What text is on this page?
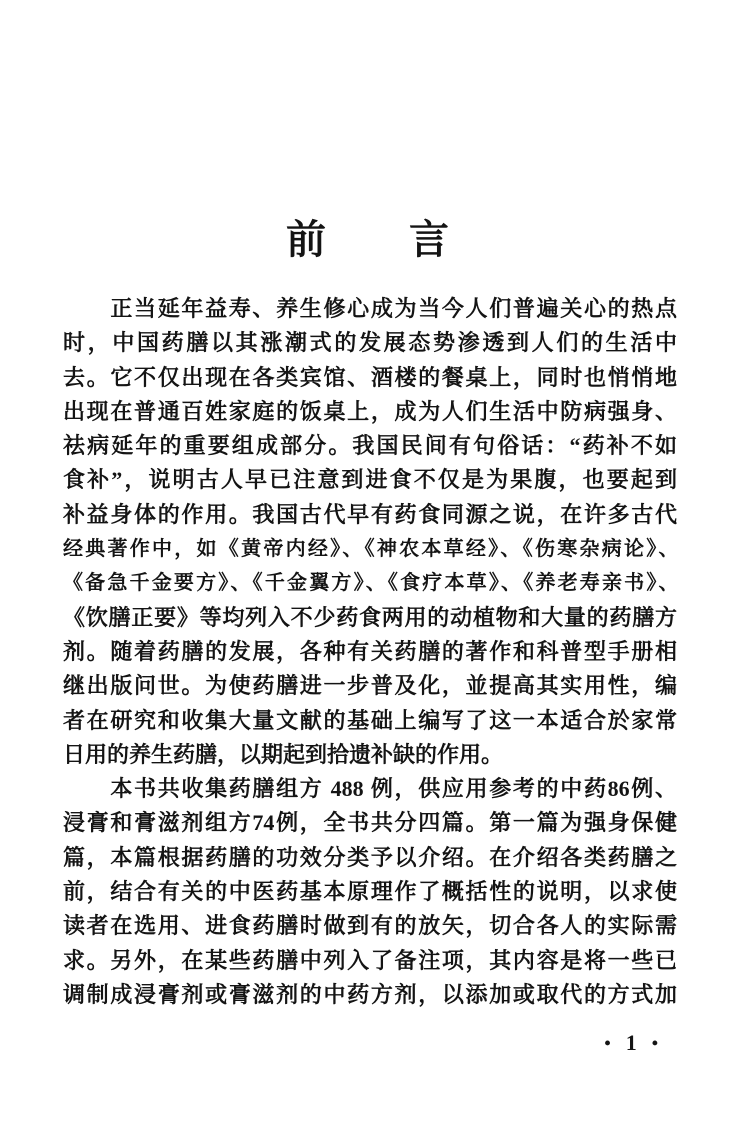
前　　言
　　正当延年益寿、养生修心成为当今人们普遍关心的热点
时，中国药膳以其涨潮式的发展态势渗透到人们的生活中
去。它不仅出现在各类宾馆、酒楼的餐桌上，同时也悄悄地
出现在普通百姓家庭的饭桌上，成为人们生活中防病强身、
祛病延年的重要组成部分。我国民间有句俗话：“药补不如
食补”，说明古人早已注意到进食不仅是为果腹，也要起到
补益身体的作用。我国古代早有药食同源之说，在许多古代
经典著作中，如《黄帝内经》、《神农本草经》、《伤寒杂病论》、
《备急千金要方》、《千金翼方》、《食疗本草》、《养老寿亲书》、
《饮膳正要》等均列入不少药食两用的动植物和大量的药膳方
剂。随着药膳的发展，各种有关药膳的著作和科普型手册相
继出版问世。为使药膳进一步普及化，並提高其实用性，编
者在研究和收集大量文献的基础上编写了这一本适合於家常
日用的养生药膳，以期起到拾遗补缺的作用。
　　本书共收集药膳组方 488 例，供应用参考的中药86例、
浸膏和膏滋剂组方74例，全书共分四篇。第一篇为强身保健
篇，本篇根据药膳的功效分类予以介绍。在介绍各类药膳之
前，结合有关的中医药基本原理作了概括性的说明，以求使
读者在选用、进食药膳时做到有的放矢，切合各人的实际需
求。另外，在某些药膳中列入了备注项，其内容是将一些已
调制成浸膏剂或膏滋剂的中药方剂，以添加或取代的方式加
• 1 •
